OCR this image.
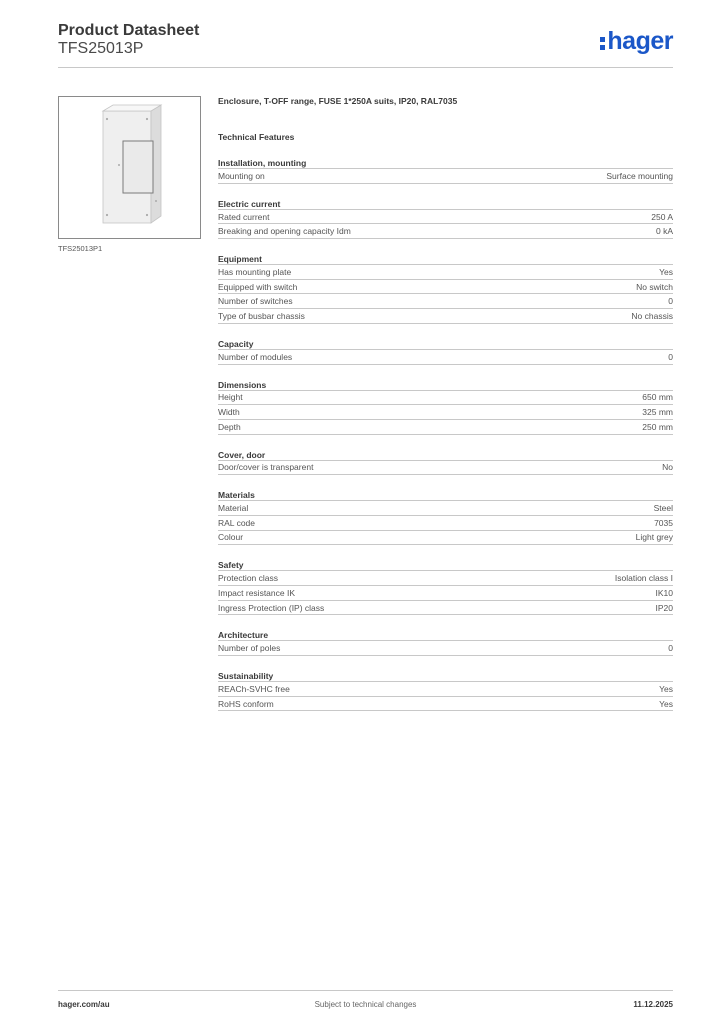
Product Datasheet
TFS25013P	hager
TFS25013P1
Enclosure, T-OFF range, FUSE 1*250A suits, IP20, RAL7035
Technical Features
Installation, mounting
Mounting on	Surface mounting
Electric current
Rated current	250 A
Breaking and opening capacity Idm	0 kA
Equipment
Has mounting plate	Yes
Equipped with switch	No switch
Number of switches	0
Type of busbar chassis	No chassis
Capacity
Number of modules	0
Dimensions
Height	650 mm
Width	325 mm
Depth	250 mm
Cover, door
Door/cover is transparent	No
Materials
Material	Steel
RAL code	7035
Colour	Light grey
Safety
Protection class	Isolation class I
Impact resistance IK	IK10
Ingress Protection (IP) class	IP20
Architecture
Number of poles	0
Sustainability
REACh-SVHC free	Yes
RoHS conform	Yes
hager.com/au	Subject to technical changes	11.12.2025
